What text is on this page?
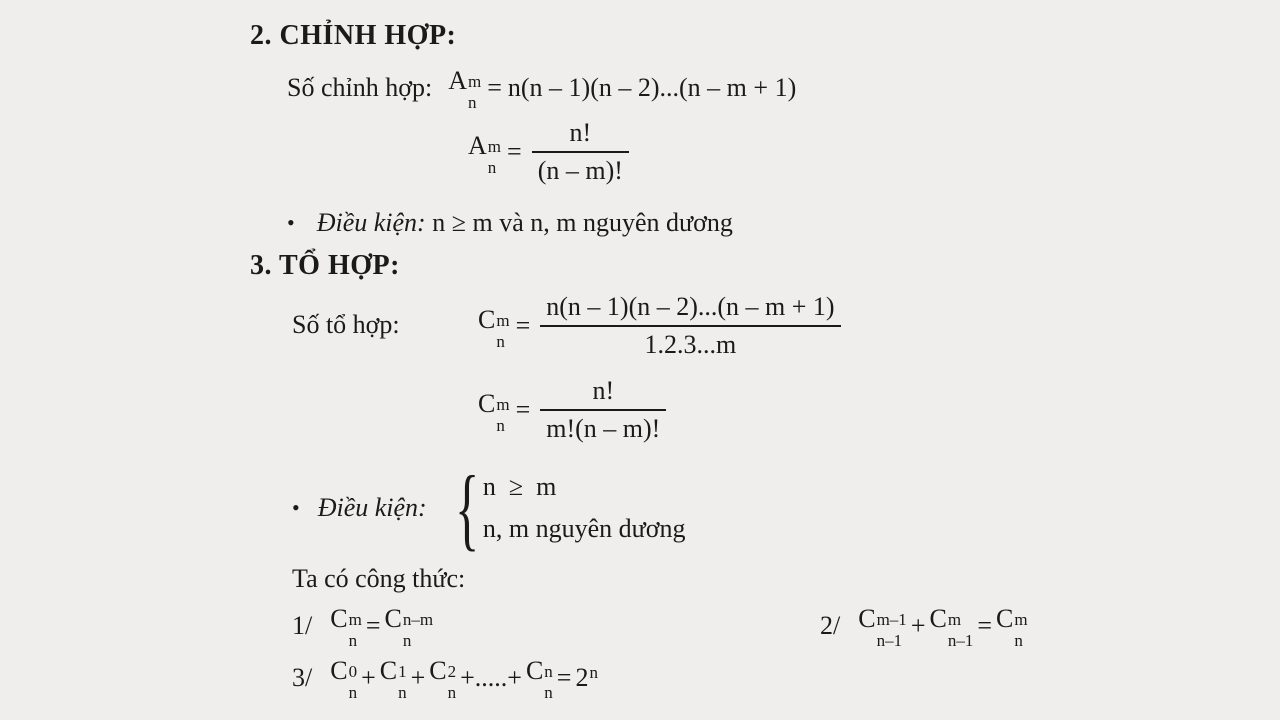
2. CHỈNH HỢP:
Số chỉnh hợp: A m
n
= n(n – 1)(n – 2)...(n – m + 1)
A m
n
= $\frac{n!}{(n - m)!}$
• Điều kiện: n ≥ m và n, m nguyên dương
3. TỔ HỢP:
Số tổ hợp:	C m
n
= $\frac{n(n - 1)(n - 2)...(n - m + 1)}{1.2.3...m}$
C m
n
= $\frac{n!}{m!(n - m)!}$
• Điều kiện: { n  ≥  m
n, m nguyên dương
Ta có công thức:
1/ C m
n
= C n–m
n
2/ C m–1
n–1
+ C m
n–1
= C m
n
3/ C 0
n
+ C 1
n
+ C 2
n
+.....+ C n
n
= 2 n
